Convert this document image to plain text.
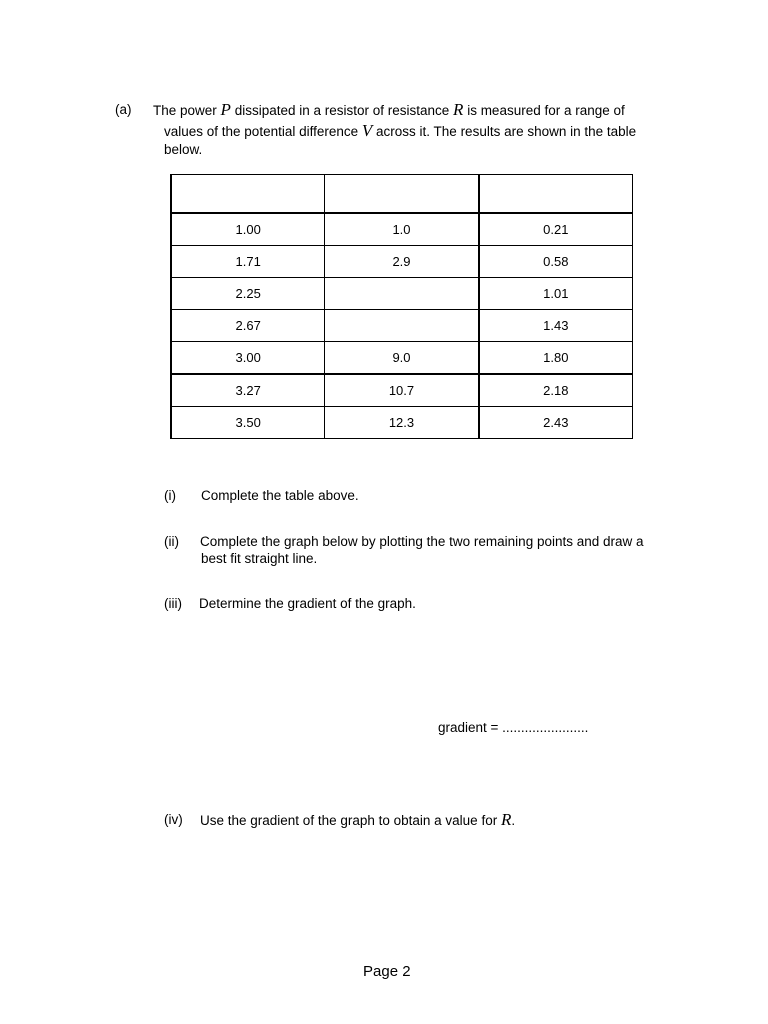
(a) The power P dissipated in a resistor of resistance R is measured for a range of
values of the potential difference V across it. The results are shown in the table
below.

1.00	1.0	0.21
1.71	2.9	0.58
2.25		1.01
2.67		1.43
3.00	9.0	1.80
3.27	10.7	2.18
3.50	12.3	2.43
(i) Complete the table above.
(ii) Complete the graph below by plotting the two remaining points and draw a
best fit straight line.
(iii) Determine the gradient of the graph.
gradient = .......................
(iv) Use the gradient of the graph to obtain a value for R.
Page 2
